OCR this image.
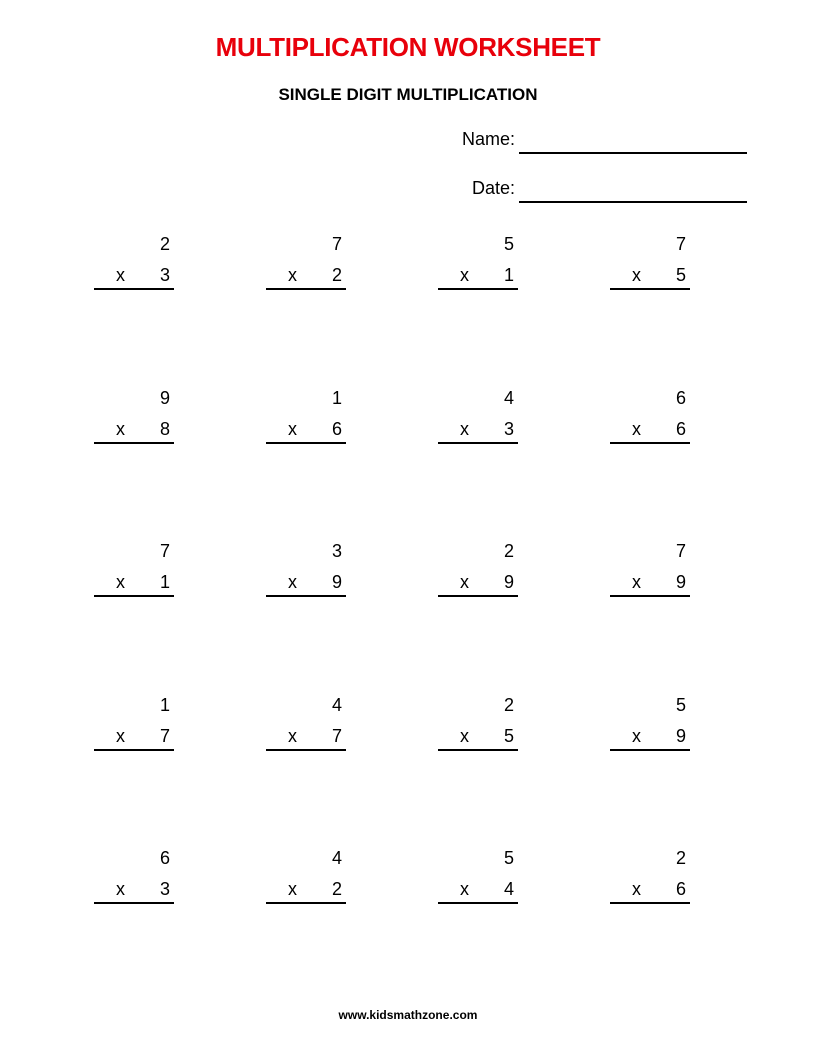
MULTIPLICATION WORKSHEET
SINGLE DIGIT MULTIPLICATION
Name:
Date:
2
x 3
7
x 2
5
x 1
7
x 5
9
x 8
1
x 6
4
x 3
6
x 6
7
x 1
3
x 9
2
x 9
7
x 9
1
x 7
4
x 7
2
x 5
5
x 9
6
x 3
4
x 2
5
x 4
2
x 6
www.kidsmathzone.com
